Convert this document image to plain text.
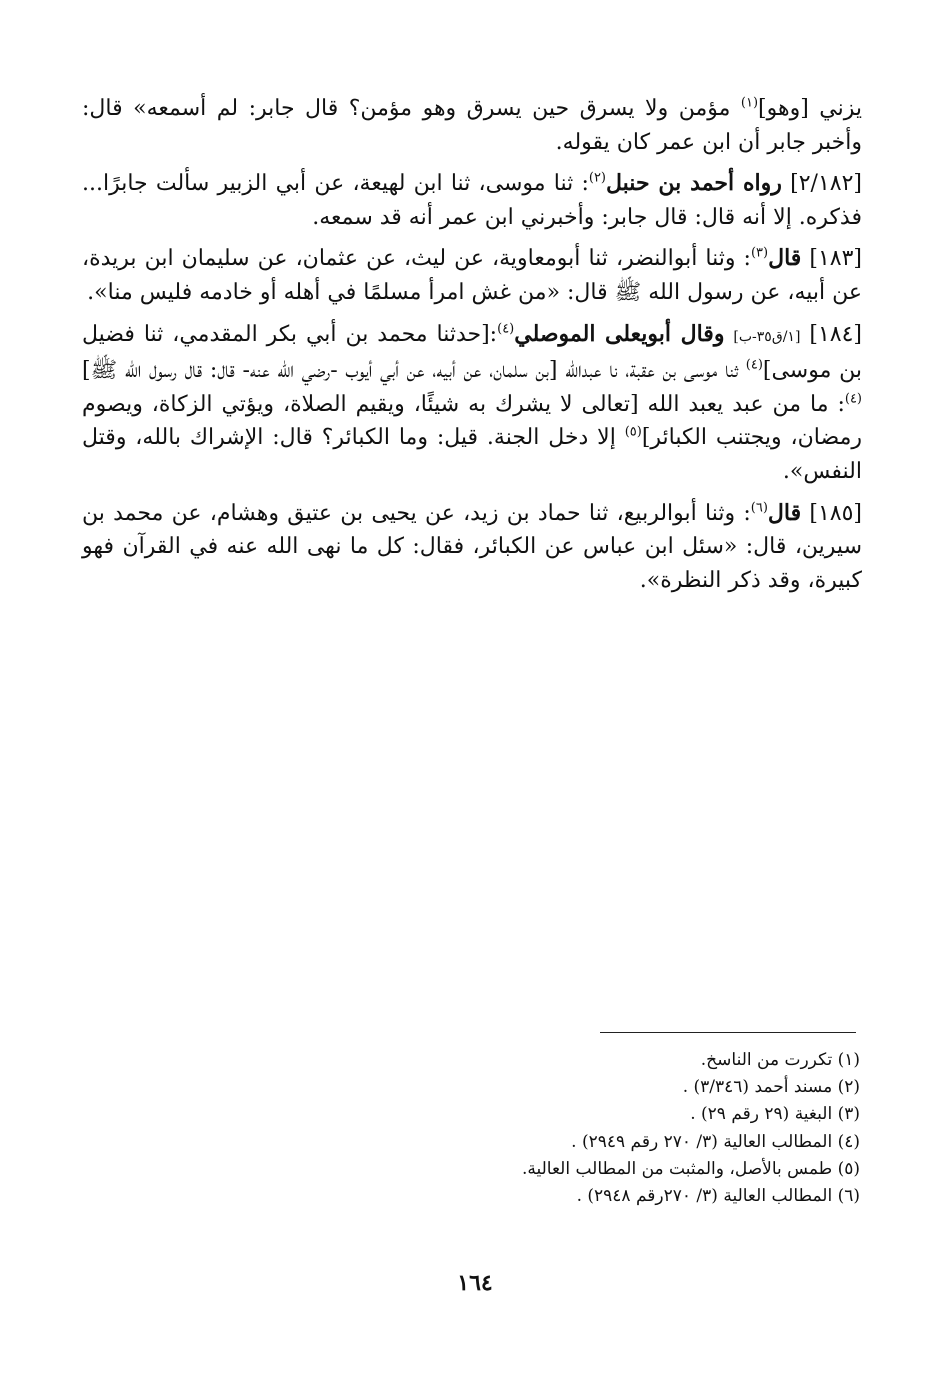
يزني [وهو]$^{(١)}$ مؤمن ولا يسرق حين يسرق وهو مؤمن؟ قال جابر: لم أسمعه» قال: وأخبر جابر أن ابن عمر كان يقوله.

[٢/١٨٢] رواه أحمد بن حنبل$^{(٢)}$: ثنا موسى، ثنا ابن لهيعة، عن أبي الزبير سألت جابرًا... فذكره. إلا أنه قال: قال جابر: وأخبرني ابن عمر أنه قد سمعه.

[١٨٣] قال$^{(٣)}$: وثنا أبوالنضر، ثنا أبومعاوية، عن ليث، عن عثمان، عن سليمان ابن بريدة، عن أبيه، عن رسول الله ﷺ قال: «من غش امرأ مسلمًا في أهله أو خادمه فليس منا».

[١٨٤] [١/ق٣٥-ب] وقال أبويعلى الموصلي$^{(٤)}$:[حدثنا محمد بن أبي بكر المقدمي، ثنا فضيل بن موسى]$^{(٤)}$ ثنا موسى بن عقبة، نا عبدالله [بن سلمان، عن أبيه، عن أبي أيوب -رضي الله عنه- قال: قال رسول الله ﷺ]$^{(٤)}$: ما من عبد يعبد الله [تعالى لا يشرك به شيئًا، ويقيم الصلاة، ويؤتي الزكاة، ويصوم رمضان، ويجتنب الكبائر]$^{(٥)}$ إلا دخل الجنة. قيل: وما الكبائر؟ قال: الإشراك بالله، وقتل النفس».

[١٨٥] قال$^{(٦)}$: وثنا أبوالربيع، ثنا حماد بن زيد، عن يحيى بن عتيق وهشام، عن محمد بن سيرين، قال: «سئل ابن عباس عن الكبائر، فقال: كل ما نهى الله عنه في القرآن فهو كبيرة، وقد ذكر النظرة».

(١) تكررت من الناسخ.
(٢) مسند أحمد (٣/٣٤٦) .
(٣) البغية (٢٩ رقم ٢٩) .
(٤) المطالب العالية (٣/ ٢٧٠ رقم ٢٩٤٩) .
(٥) طمس بالأصل، والمثبت من المطالب العالية.
(٦) المطالب العالية (٣/ ٢٧٠رقم ٢٩٤٨) .
١٦٤
